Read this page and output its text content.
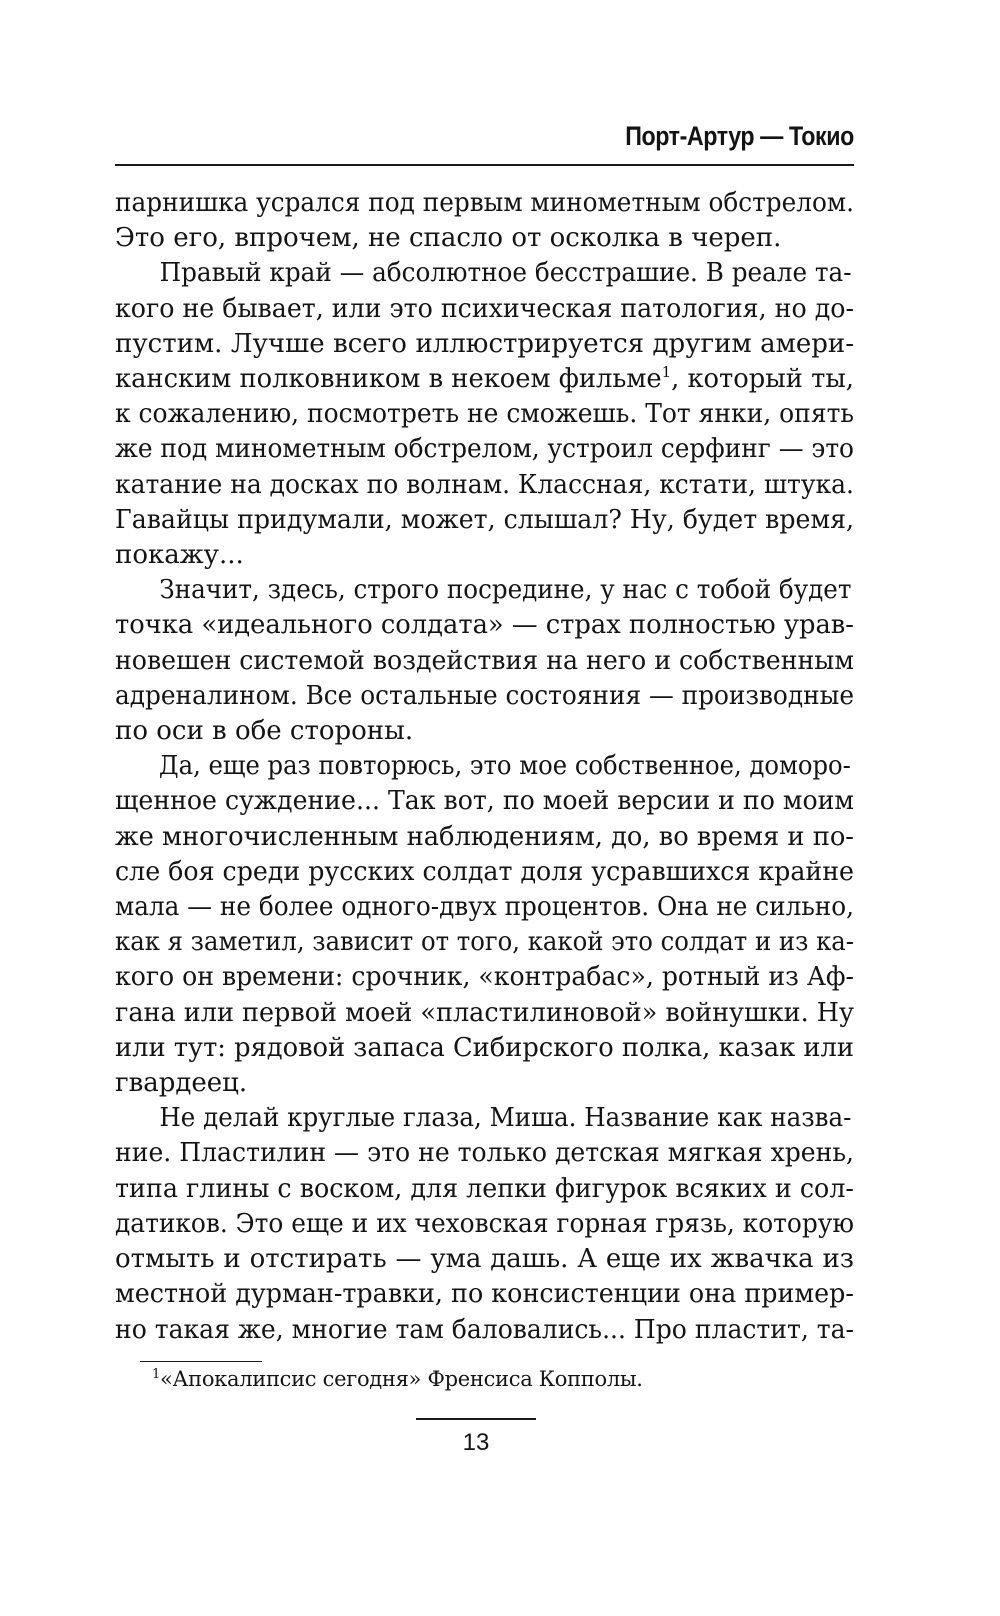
Порт-Артур — Токио
парнишка усрался под первым минометным обстрелом.
Это его, впрочем, не спасло от осколка в череп.
Правый край — абсолютное бесстрашие. В реале та-
кого не бывает, или это психическая патология, но до-
пустим. Лучше всего иллюстрируется другим амери-
канским полковником в некоем фильме$^1$, который ты,
к сожалению, посмотреть не сможешь. Тот янки, опять
же под минометным обстрелом, устроил серфинг — это
катание на досках по волнам. Классная, кстати, штука.
Гавайцы придумали, может, слышал? Ну, будет время,
покажу...
Значит, здесь, строго посредине, у нас с тобой будет
точка «идеального солдата» — страх полностью урав-
новешен системой воздействия на него и собственным
адреналином. Все остальные состояния — производные
по оси в обе стороны.
Да, еще раз повторюсь, это мое собственное, доморо-
щенное суждение... Так вот, по моей версии и по моим
же многочисленным наблюдениям, до, во время и по-
сле боя среди русских солдат доля усравшихся крайне
мала — не более одного-двух процентов. Она не сильно,
как я заметил, зависит от того, какой это солдат и из ка-
кого он времени: срочник, «контрабас», ротный из Аф-
гана или первой моей «пластилиновой» войнушки. Ну
или тут: рядовой запаса Сибирского полка, казак или
гвардеец.
Не делай круглые глаза, Миша. Название как назва-
ние. Пластилин — это не только детская мягкая хрень,
типа глины с воском, для лепки фигурок всяких и сол-
датиков. Это еще и их чеховская горная грязь, которую
отмыть и отстирать — ума дашь. А еще их жвачка из
местной дурман-травки, по консистенции она пример-
но такая же, многие там баловались... Про пластит, та-
$^1$«Апокалипсис сегодня» Френсиса Копполы.
13
